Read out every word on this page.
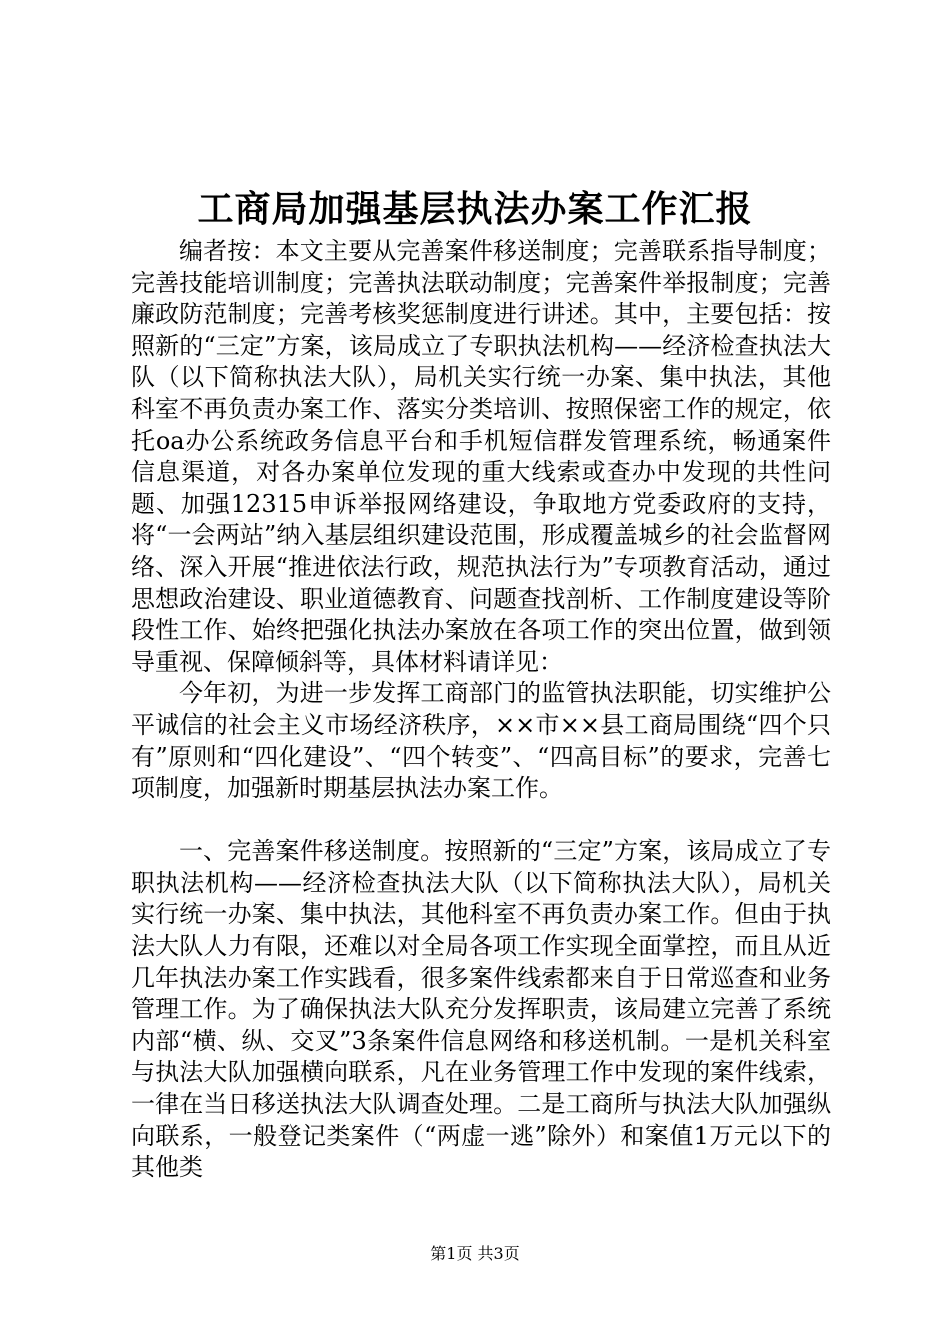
工商局加强基层执法办案工作汇报

编者按：本文主要从完善案件移送制度；完善联系指导制度；完善技能培训制度；完善执法联动制度；完善案件举报制度；完善廉政防范制度；完善考核奖惩制度进行讲述。其中，主要包括：按照新的“三定”方案，该局成立了专职执法机构——经济检查执法大队（以下简称执法大队），局机关实行统一办案、集中执法，其他科室不再负责办案工作、落实分类培训、按照保密工作的规定，依托oa办公系统政务信息平台和手机短信群发管理系统，畅通案件信息渠道，对各办案单位发现的重大线索或查办中发现的共性问题、加强12315申诉举报网络建设，争取地方党委政府的支持，将“一会两站”纳入基层组织建设范围，形成覆盖城乡的社会监督网络、深入开展“推进依法行政，规范执法行为”专项教育活动，通过思想政治建设、职业道德教育、问题查找剖析、工作制度建设等阶段性工作、始终把强化执法办案放在各项工作的突出位置，做到领导重视、保障倾斜等，具体材料请详见：

今年初，为进一步发挥工商部门的监管执法职能，切实维护公平诚信的社会主义市场经济秩序，××市××县工商局围绕“四个只有”原则和“四化建设”、“四个转变”、“四高目标”的要求，完善七项制度，加强新时期基层执法办案工作。

一、完善案件移送制度。按照新的“三定”方案，该局成立了专职执法机构——经济检查执法大队（以下简称执法大队），局机关实行统一办案、集中执法，其他科室不再负责办案工作。但由于执法大队人力有限，还难以对全局各项工作实现全面掌控，而且从近几年执法办案工作实践看，很多案件线索都来自于日常巡查和业务管理工作。为了确保执法大队充分发挥职责，该局建立完善了系统内部“横、纵、交叉”3条案件信息网络和移送机制。一是机关科室与执法大队加强横向联系，凡在业务管理工作中发现的案件线索，一律在当日移送执法大队调查处理。二是工商所与执法大队加强纵向联系，一般登记类案件（“两虚一逃”除外）和案值1万元以下的其他类

第1页 共3页
